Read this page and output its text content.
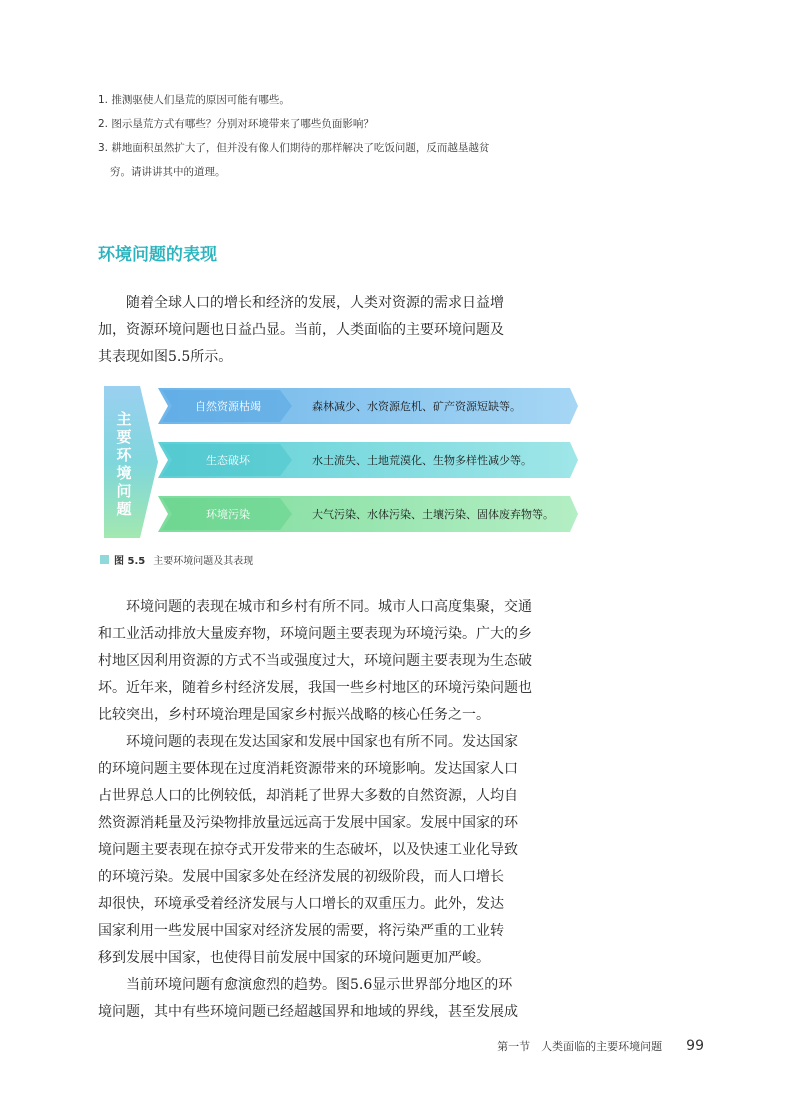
1. 推测驱使人们垦荒的原因可能有哪些。
2. 图示垦荒方式有哪些？分别对环境带来了哪些负面影响？
3. 耕地面积虽然扩大了，但并没有像人们期待的那样解决了吃饭问题，反而越垦越贫
穷。请讲讲其中的道理。
环境问题的表现

随着全球人口的增长和经济的发展，人类对资源的需求日益增
加，资源环境问题也日益凸显。当前，人类面临的主要环境问题及
其表现如图5.5所示。

主
要
环
境
问
题
自然资源枯竭	森林减少、水资源危机、矿产资源短缺等。
生态破坏	水土流失、土地荒漠化、生物多样性减少等。
环境污染	大气污染、水体污染、土壤污染、固体废弃物等。
图 5.5 主要环境问题及其表现

环境问题的表现在城市和乡村有所不同。城市人口高度集聚，交通
和工业活动排放大量废弃物，环境问题主要表现为环境污染。广大的乡
村地区因利用资源的方式不当或强度过大，环境问题主要表现为生态破
坏。近年来，随着乡村经济发展，我国一些乡村地区的环境污染问题也
比较突出，乡村环境治理是国家乡村振兴战略的核心任务之一。
环境问题的表现在发达国家和发展中国家也有所不同。发达国家
的环境问题主要体现在过度消耗资源带来的环境影响。发达国家人口
占世界总人口的比例较低，却消耗了世界大多数的自然资源，人均自
然资源消耗量及污染物排放量远远高于发展中国家。发展中国家的环
境问题主要表现在掠夺式开发带来的生态破坏，以及快速工业化导致
的环境污染。发展中国家多处在经济发展的初级阶段，而人口增长
却很快，环境承受着经济发展与人口增长的双重压力。此外，发达
国家利用一些发展中国家对经济发展的需要，将污染严重的工业转
移到发展中国家，也使得目前发展中国家的环境问题更加严峻。
当前环境问题有愈演愈烈的趋势。图5.6显示世界部分地区的环
境问题，其中有些环境问题已经超越国界和地域的界线，甚至发展成

第一节　人类面临的主要环境问题 99
